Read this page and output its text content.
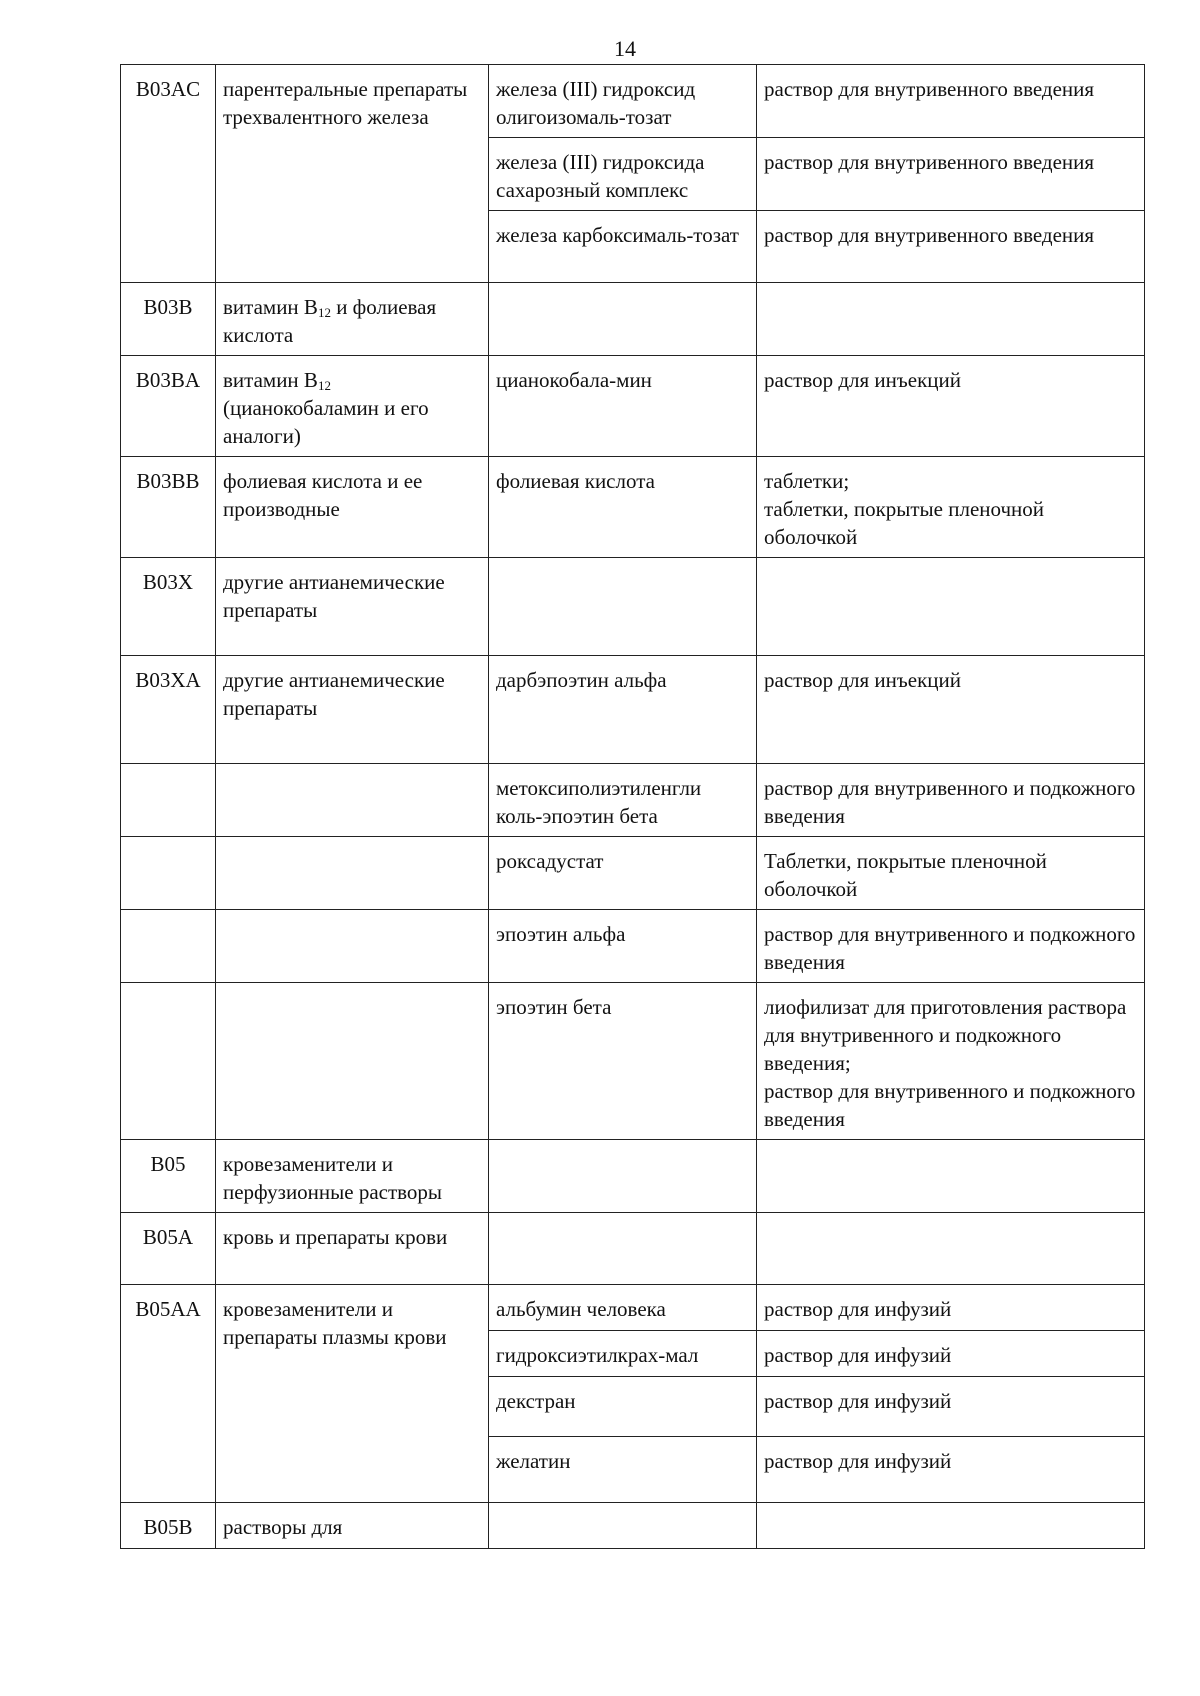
14
B03AC	парентеральные препараты трехвалентного железа	железа (III) гидроксид олигоизомаль-тозат	раствор для внутривенного введения
		железа (III) гидроксида сахарозный комплекс	раствор для внутривенного введения
		железа карбоксималь-тозат	раствор для внутривенного введения
B03B	витамин $B_{12}$ и фолиевая кислота		
B03BA	витамин $B_{12}$ (цианокобаламин и его аналоги)	цианокобала-мин	раствор для инъекций
B03BB	фолиевая кислота и ее производные	фолиевая кислота	таблетки;
таблетки, покрытые пленочной оболочкой
B03X	другие антианемические препараты		
B03XA	другие антианемические препараты	дарбэпоэтин альфа	раствор для инъекций
		метоксиполиэтиленгли коль-эпоэтин бета	раствор для внутривенного и подкожного введения
		роксадустат	Таблетки, покрытые пленочной оболочкой
		эпоэтин альфа	раствор для внутривенного и подкожного введения
		эпоэтин бета	лиофилизат для приготовления раствора для внутривенного и подкожного введения;
раствор для внутривенного и подкожного введения
B05	кровезаменители и перфузионные растворы		
B05A	кровь и препараты крови		
B05AA	кровезаменители и препараты плазмы крови	альбумин человека	раствор для инфузий
		гидроксиэтилкрах-мал	раствор для инфузий
		декстран	раствор для инфузий
		желатин	раствор для инфузий
B05B	растворы для		
